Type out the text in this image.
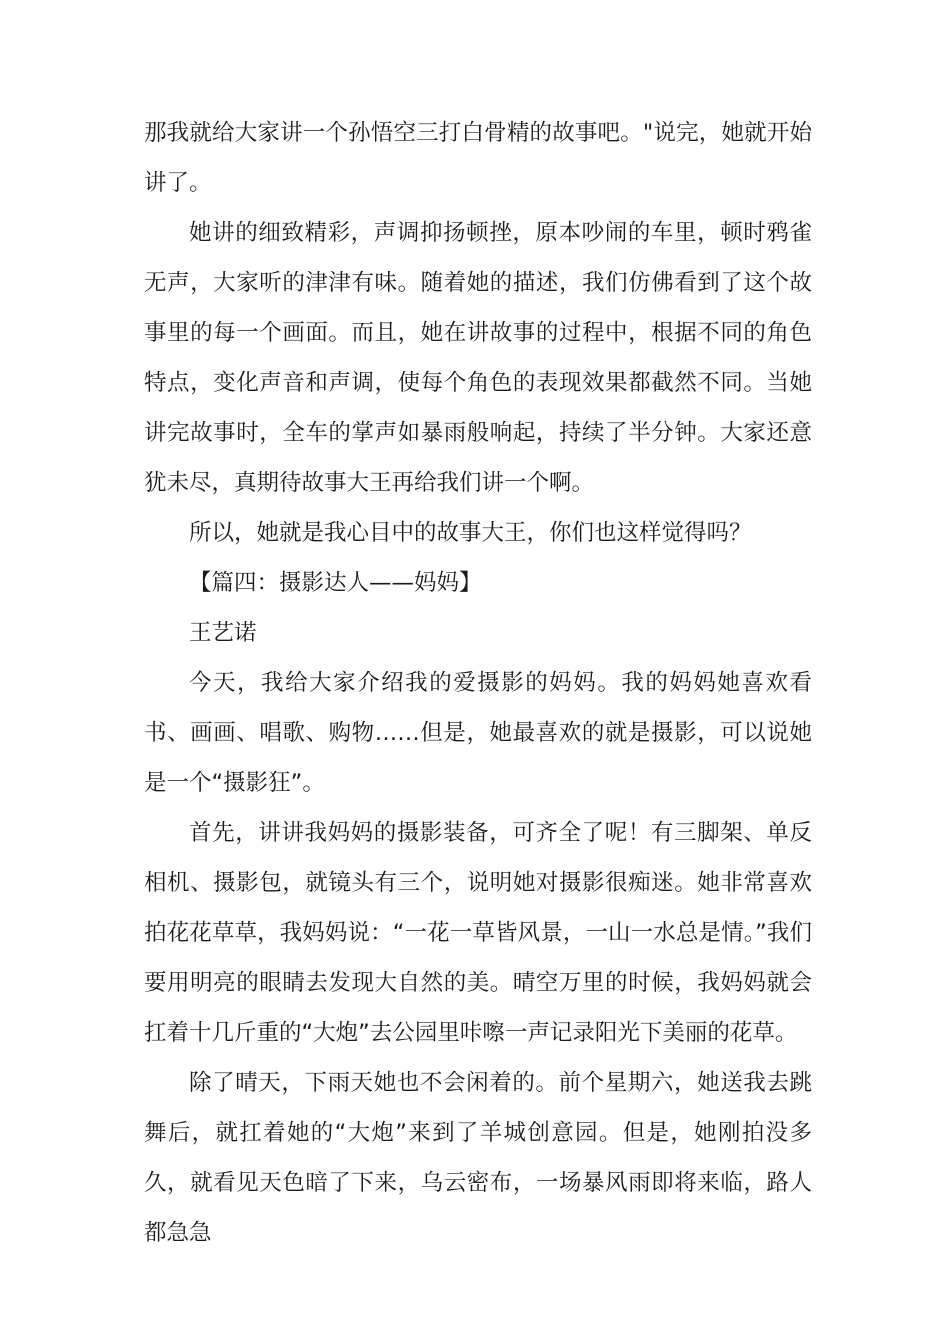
那我就给大家讲一个孙悟空三打白骨精的故事吧。"说完，她就开始讲了。

她讲的细致精彩，声调抑扬顿挫，原本吵闹的车里，顿时鸦雀无声，大家听的津津有味。随着她的描述，我们仿佛看到了这个故事里的每一个画面。而且，她在讲故事的过程中，根据不同的角色特点，变化声音和声调，使每个角色的表现效果都截然不同。当她讲完故事时，全车的掌声如暴雨般响起，持续了半分钟。大家还意犹未尽，真期待故事大王再给我们讲一个啊。

所以，她就是我心目中的故事大王，你们也这样觉得吗？

【篇四：摄影达人——妈妈】

王艺诺

今天，我给大家介绍我的爱摄影的妈妈。我的妈妈她喜欢看书、画画、唱歌、购物……但是，她最喜欢的就是摄影，可以说她是一个“摄影狂”。

首先，讲讲我妈妈的摄影装备，可齐全了呢！有三脚架、单反相机、摄影包，就镜头有三个，说明她对摄影很痴迷。她非常喜欢拍花花草草，我妈妈说：“一花一草皆风景，一山一水总是情。”我们要用明亮的眼睛去发现大自然的美。晴空万里的时候，我妈妈就会扛着十几斤重的“大炮”去公园里咔嚓一声记录阳光下美丽的花草。

除了晴天，下雨天她也不会闲着的。前个星期六，她送我去跳舞后，就扛着她的“大炮”来到了羊城创意园。但是，她刚拍没多久，就看见天色暗了下来，乌云密布，一场暴风雨即将来临，路人都急急
